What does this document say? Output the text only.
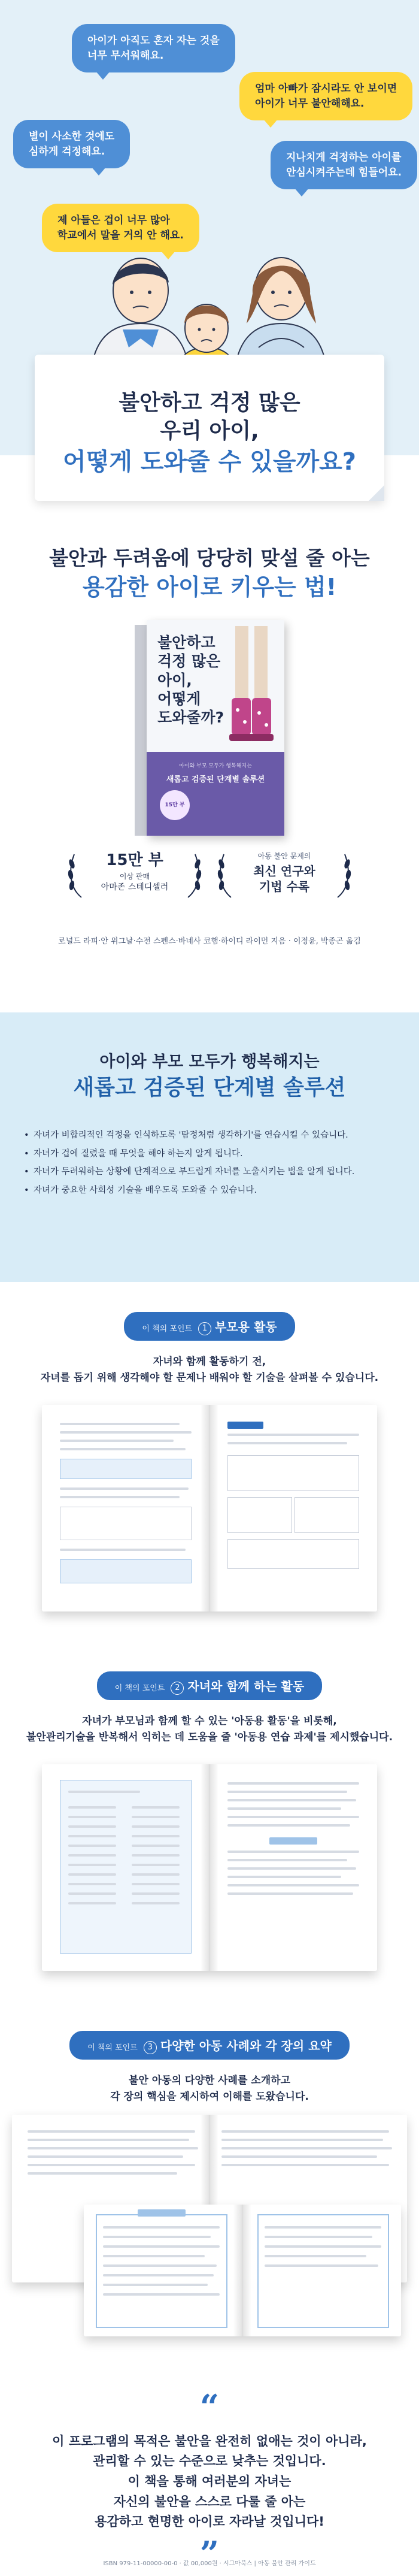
아이가 아직도 혼자 자는 것을
너무 무서워해요.
엄마 아빠가 잠시라도 안 보이면
아이가 너무 불안해해요.
별이 사소한 것에도
심하게 걱정해요.
지나치게 걱정하는 아이를
안심시켜주는데 힘들어요.
제 아들은 겁이 너무 많아
학교에서 말을 거의 안 해요.
불안하고 걱정 많은
우리 아이,
어떻게 도와줄 수 있을까요?
불안과 두려움에 당당히 맞설 줄 아는
용감한 아이로 키우는 법!
불안하고
걱정 많은
아이,
어떻게
도와줄까?
아이와 부모 모두가 행복해지는
새롭고 검증된 단계별 솔루션
15만 부
15만 부
이상 판매
아마존 스테디셀러
아동 불안 문제의
최신 연구와
기법 수록
로널드 라피·안 위그날·수전 스펜스·바네사 코햄·하이디 라이먼 지음 · 이정윤, 박종곤 옮김
아이와 부모 모두가 행복해지는
새롭고 검증된 단계별 솔루션
• 자녀가 비합리적인 걱정을 인식하도록 '탐정처럼 생각하기'를 연습시킬 수 있습니다.
• 자녀가 겁에 질렸을 때 무엇을 해야 하는지 알게 됩니다.
• 자녀가 두려워하는 상황에 단계적으로 부드럽게 자녀를 노출시키는 법을 알게 됩니다.
• 자녀가 중요한 사회성 기술을 배우도록 도와줄 수 있습니다.
이 책의 포인트 1 부모용 활동
자녀와 함께 활동하기 전,
자녀를 돕기 위해 생각해야 할 문제나 배워야 할 기술을 살펴볼 수 있습니다.
이 책의 포인트 2 자녀와 함께 하는 활동
자녀가 부모님과 함께 할 수 있는 '아동용 활동'을 비롯해,
불안관리기술을 반복해서 익히는 데 도움을 줄 '아동용 연습 과제'를 제시했습니다.
이 책의 포인트 3 다양한 아동 사례와 각 장의 요약
불안 아동의 다양한 사례를 소개하고
각 장의 핵심을 제시하여 이해를 도왔습니다.
“
이 프로그램의 목적은 불안을 완전히 없애는 것이 아니라,
관리할 수 있는 수준으로 낮추는 것입니다.
이 책을 통해 여러분의 자녀는
자신의 불안을 스스로 다룰 줄 아는
용감하고 현명한 아이로 자라날 것입니다!
”
ISBN 979-11-00000-00-0 · 값 00,000원 · 시그마북스 | 아동 불안 관리 가이드
